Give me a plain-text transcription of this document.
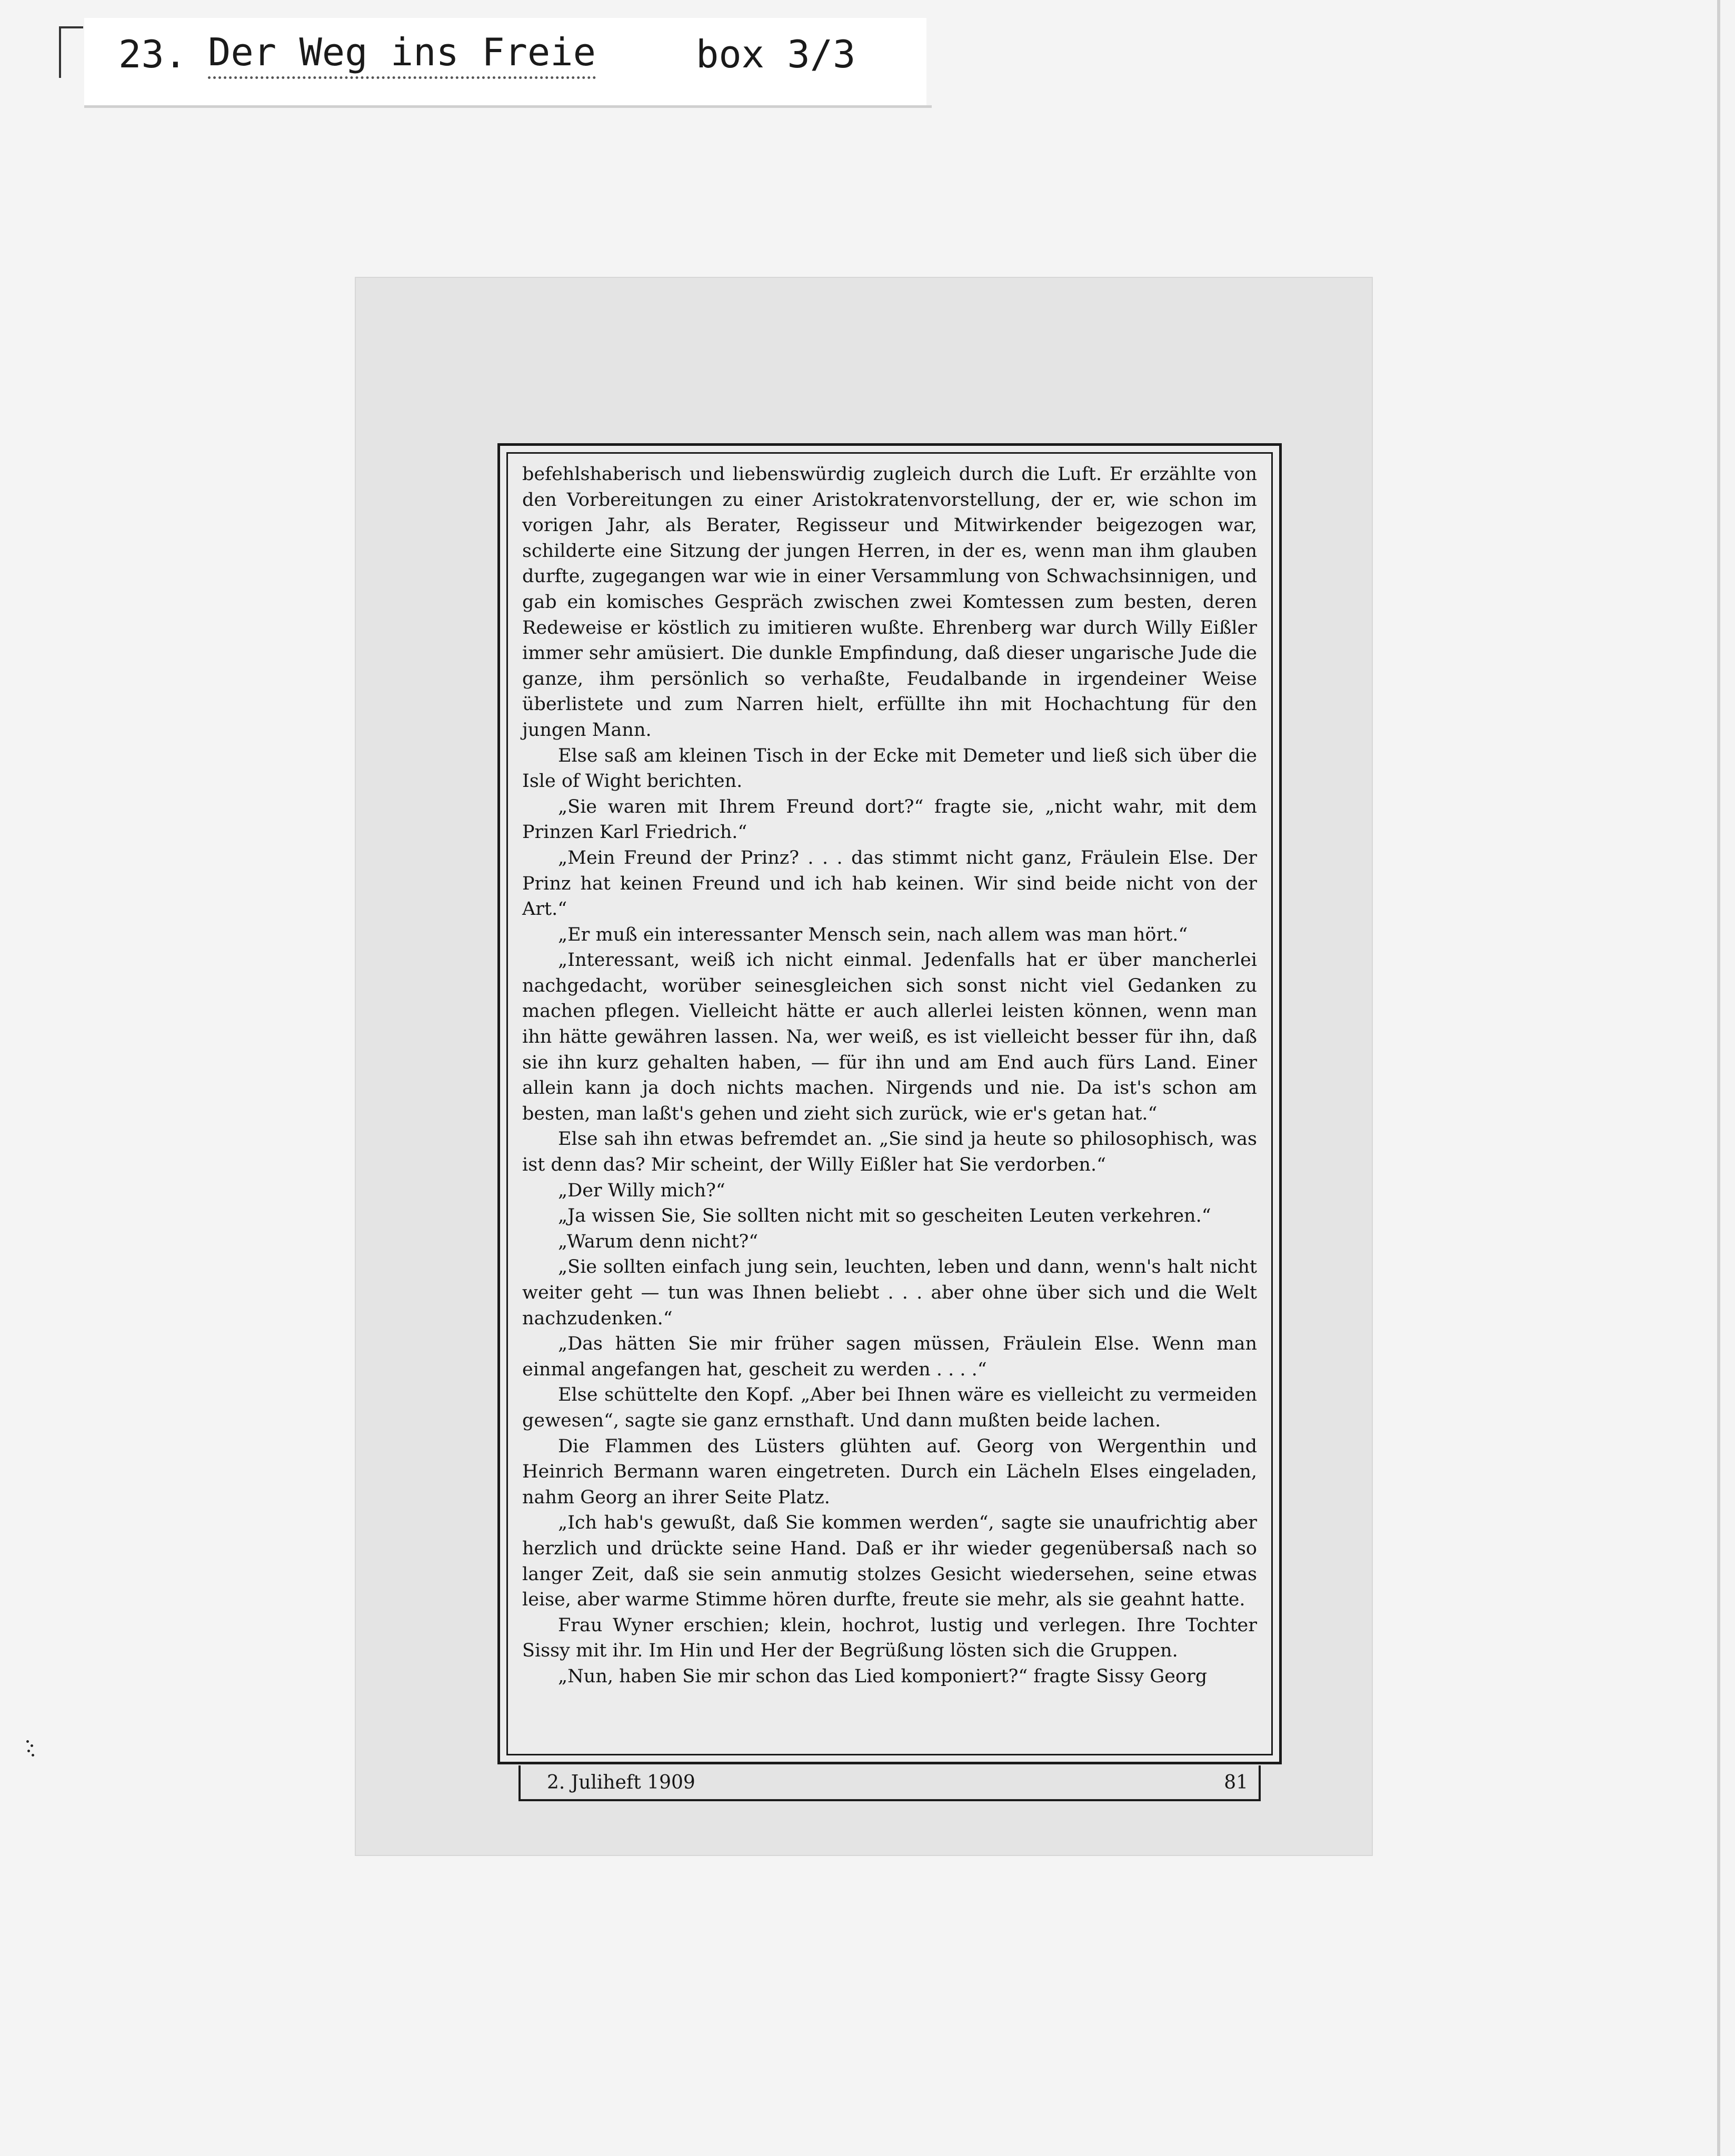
23. Der Weg ins Freie	box 3/3

befehlshaberisch und liebenswürdig zugleich durch die Luft. Er erzählte von den Vorbereitungen zu einer Aristokratenvorstellung, der er, wie schon im vorigen Jahr, als Berater, Regisseur und Mitwirkender beigezogen war, schilderte eine Sitzung der jungen Herren, in der es, wenn man ihm glauben durfte, zugegangen war wie in einer Versammlung von Schwachsinnigen, und gab ein komisches Gespräch zwischen zwei Komtessen zum besten, deren Redeweise er köstlich zu imitieren wußte. Ehrenberg war durch Willy Eißler immer sehr amüsiert. Die dunkle Empfindung, daß dieser ungarische Jude die ganze, ihm persönlich so verhaßte, Feudalbande in irgendeiner Weise überlistete und zum Narren hielt, erfüllte ihn mit Hochachtung für den jungen Mann.

Else saß am kleinen Tisch in der Ecke mit Demeter und ließ sich über die Isle of Wight berichten.

„Sie waren mit Ihrem Freund dort?“ fragte sie, „nicht wahr, mit dem Prinzen Karl Friedrich.“

„Mein Freund der Prinz? . . . das stimmt nicht ganz, Fräulein Else. Der Prinz hat keinen Freund und ich hab keinen. Wir sind beide nicht von der Art.“

„Er muß ein interessanter Mensch sein, nach allem was man hört.“

„Interessant, weiß ich nicht einmal. Jedenfalls hat er über mancherlei nachgedacht, worüber seinesgleichen sich sonst nicht viel Gedanken zu machen pflegen. Vielleicht hätte er auch allerlei leisten können, wenn man ihn hätte gewähren lassen. Na, wer weiß, es ist vielleicht besser für ihn, daß sie ihn kurz gehalten haben, — für ihn und am End auch fürs Land. Einer allein kann ja doch nichts machen. Nirgends und nie. Da ist's schon am besten, man laßt's gehen und zieht sich zurück, wie er's getan hat.“

Else sah ihn etwas befremdet an. „Sie sind ja heute so philosophisch, was ist denn das? Mir scheint, der Willy Eißler hat Sie verdorben.“

„Der Willy mich?“

„Ja wissen Sie, Sie sollten nicht mit so gescheiten Leuten verkehren.“

„Warum denn nicht?“

„Sie sollten einfach jung sein, leuchten, leben und dann, wenn's halt nicht weiter geht — tun was Ihnen beliebt . . . aber ohne über sich und die Welt nachzudenken.“

„Das hätten Sie mir früher sagen müssen, Fräulein Else. Wenn man einmal angefangen hat, gescheit zu werden . . . .“

Else schüttelte den Kopf. „Aber bei Ihnen wäre es vielleicht zu vermeiden gewesen“, sagte sie ganz ernsthaft. Und dann mußten beide lachen.

Die Flammen des Lüsters glühten auf. Georg von Wergenthin und Heinrich Bermann waren eingetreten. Durch ein Lächeln Elses eingeladen, nahm Georg an ihrer Seite Platz.

„Ich hab's gewußt, daß Sie kommen werden“, sagte sie unaufrichtig aber herzlich und drückte seine Hand. Daß er ihr wieder gegenübersaß nach so langer Zeit, daß sie sein anmutig stolzes Gesicht wiedersehen, seine etwas leise, aber warme Stimme hören durfte, freute sie mehr, als sie geahnt hatte.

Frau Wyner erschien; klein, hochrot, lustig und verlegen. Ihre Tochter Sissy mit ihr. Im Hin und Her der Begrüßung lösten sich die Gruppen.

„Nun, haben Sie mir schon das Lied komponiert?“ fragte Sissy Georg

2. Juliheft 1909	81
